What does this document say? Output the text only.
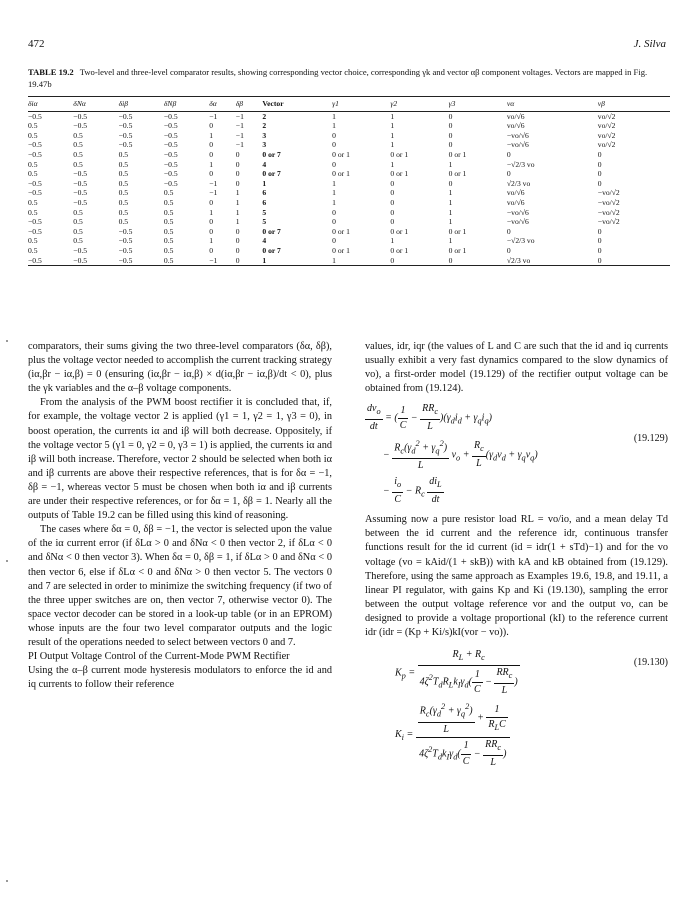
472	J. Silva
TABLE 19.2 Two-level and three-level comparator results, showing corresponding vector choice, corresponding γk and vector αβ component voltages. Vectors are mapped in Fig. 19.47b
δiα	δNα	δiβ	δNβ	δα	δβ	Vector	γ1	γ2	γ3	vα	vβ
−0.5	−0.5	−0.5	−0.5	−1	−1	2	1	1	0	vo/√6	vo/√2
0.5	−0.5	−0.5	−0.5	0	−1	2	1	1	0	vo/√6	vo/√2
0.5	0.5	−0.5	−0.5	1	−1	3	0	1	0	−vo/√6	vo/√2
−0.5	0.5	−0.5	−0.5	0	−1	3	0	1	0	−vo/√6	vo/√2
−0.5	0.5	0.5	−0.5	0	0	0 or 7	0 or 1	0 or 1	0 or 1	0	0
0.5	0.5	0.5	−0.5	1	0	4	0	1	1	−√2/3 vo	0
0.5	−0.5	0.5	−0.5	0	0	0 or 7	0 or 1	0 or 1	0 or 1	0	0
−0.5	−0.5	0.5	−0.5	−1	0	1	1	0	0	√2/3 vo	0
−0.5	−0.5	0.5	0.5	−1	1	6	1	0	1	vo/√6	−vo/√2
0.5	−0.5	0.5	0.5	0	1	6	1	0	1	vo/√6	−vo/√2
0.5	0.5	0.5	0.5	1	1	5	0	0	1	−vo/√6	−vo/√2
−0.5	0.5	0.5	0.5	0	1	5	0	0	1	−vo/√6	−vo/√2
−0.5	0.5	−0.5	0.5	0	0	0 or 7	0 or 1	0 or 1	0 or 1	0	0
0.5	0.5	−0.5	0.5	1	0	4	0	1	1	−√2/3 vo	0
0.5	−0.5	−0.5	0.5	0	0	0 or 7	0 or 1	0 or 1	0 or 1	0	0
−0.5	−0.5	−0.5	0.5	−1	0	1	1	0	0	√2/3 vo	0

comparators, their sums giving the two three-level comparators (δα, δβ), plus the voltage vector needed to accomplish the current tracking strategy (iα,βr − iα,β) = 0 (ensuring (iα,βr − iα,β) × d(iα,βr − iα,β)/dt < 0), plus the γk variables and the α–β voltage components.

From the analysis of the PWM boost rectifier it is concluded that, if, for example, the voltage vector 2 is applied (γ1 = 1, γ2 = 1, γ3 = 0), in boost operation, the currents iα and iβ will both decrease. Oppositely, if the voltage vector 5 (γ1 = 0, γ2 = 0, γ3 = 1) is applied, the currents iα and iβ will both increase. Therefore, vector 2 should be selected when both iα and iβ currents are above their respective references, that is for δα = −1, δβ = −1, whereas vector 5 must be chosen when both iα and iβ currents are under their respective references, or for δα = 1, δβ = 1. Nearly all the outputs of Table 19.2 can be filled using this kind of reasoning.

The cases where δα = 0, δβ = −1, the vector is selected upon the value of the iα current error (if δLα > 0 and δNα < 0 then vector 2, if δLα < 0 and δNα < 0 then vector 3). When δα = 0, δβ = 1, if δLα > 0 and δNα < 0 then vector 6, else if δLα < 0 and δNα > 0 then vector 5. The vectors 0 and 7 are selected in order to minimize the switching frequency (if two of the three upper switches are on, then vector 7, otherwise vector 0). The space vector decoder can be stored in a look-up table (or in an EPROM) whose inputs are the four two level comparator outputs and the logic result of the operations needed to select between vectors 0 and 7.

PI Output Voltage Control of the Current-Mode PWM Rectifier

Using the α–β current mode hysteresis modulators to enforce the id and iq currents to follow their reference

values, idr, iqr (the values of L and C are such that the id and iq currents usually exhibit a very fast dynamics compared to the slow dynamics of vo), a first-order model (19.129) of the rectifier output voltage can be obtained from (19.124).

$\frac{dv_o}{dt}$ = ( $\frac{1}{C} - \frac{RR_c}{L} )(\gamma_di_d + \gamma_qi_q)$
− $\frac{R_c(\gamma_d^2 + \gamma_q^2)}{L} v_o + \frac{R_c}{L} (\gamma_dv_d + \gamma_qv_q)$
− $\frac{i_o}{C} - R_c \frac{di_L}{dt}$
(19.129)

Assuming now a pure resistor load RL = vo/io, and a mean delay Td between the id current and the reference idr, continuous transfer functions result for the id current (id = idr(1 + sTd)−1) and for the vo voltage (vo = kAid/(1 + skB)) with kA and kB obtained from (19.129). Therefore, using the same approach as Examples 19.6, 19.8, and 19.11, a linear PI regulator, with gains Kp and Ki (19.130), sampling the error between the output voltage reference vor and the output vo, can be designed to provide a voltage proportional (kI) to the reference current idr (idr = (Kp + Ki/s)kI(vor − vo)).

$K_p = \frac{R_L + R_c}{4\zeta^2T_dR_Lk_I\gamma_d( \frac{1}{C} - \frac{RR_c}{L} )}$
$K_i = \frac{\frac{R_c(\gamma_d^2 + \gamma_q^2)}{L} + \frac{1}{R_LC}}{4\zeta^2T_dk_I\gamma_d( \frac{1}{C} - \frac{RR_c}{L} )}$
(19.130)
